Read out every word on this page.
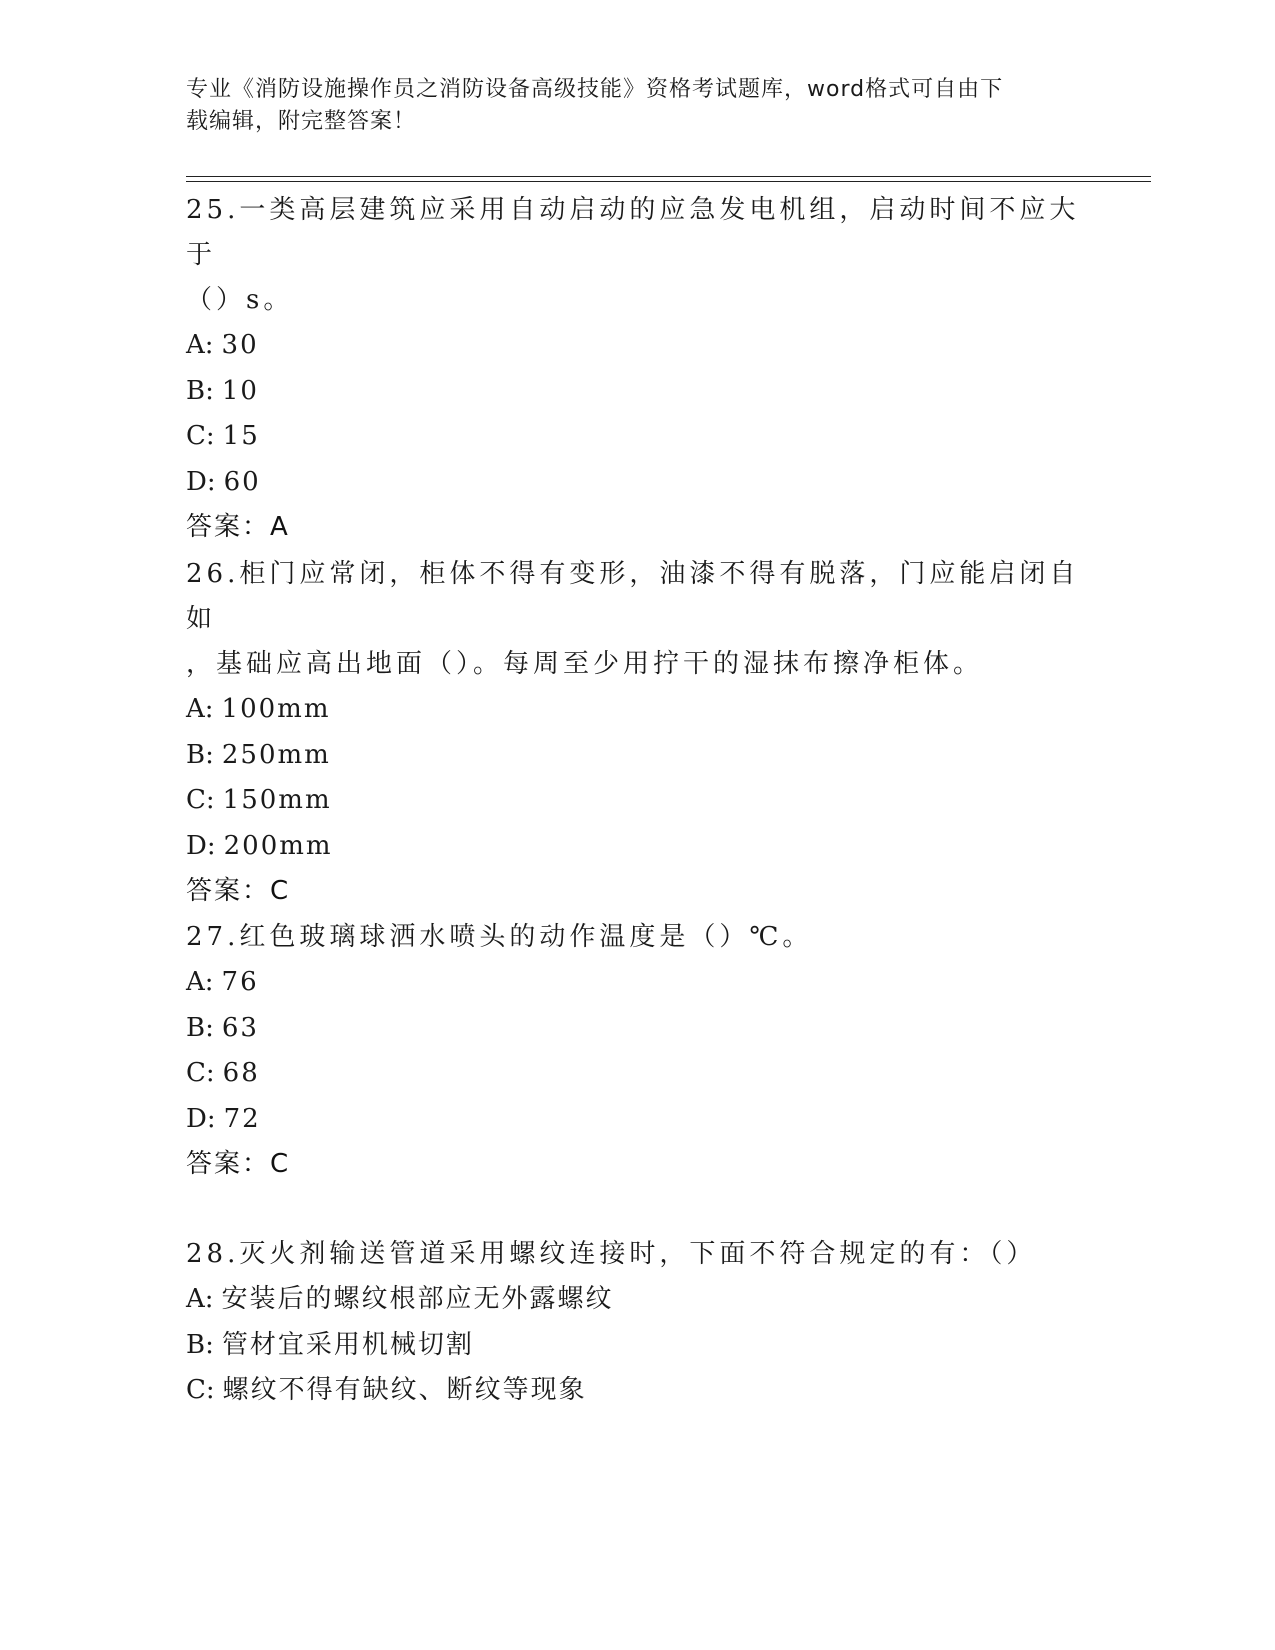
专业《消防设施操作员之消防设备高级技能》资格考试题库，word格式可自由下
载编辑，附完整答案！
25.一类高层建筑应采用自动启动的应急发电机组，启动时间不应大于
（）s。
A: 30
B: 10
C: 15
D: 60
答案：A
26.柜门应常闭，柜体不得有变形，油漆不得有脱落，门应能启闭自如
，基础应高出地面（）。每周至少用拧干的湿抹布擦净柜体。
A: 100mm
B: 250mm
C: 150mm
D: 200mm
答案：C
27.红色玻璃球洒水喷头的动作温度是（）℃。
A: 76
B: 63
C: 68
D: 72
答案：C
28.灭火剂输送管道采用螺纹连接时，下面不符合规定的有：（）
A: 安装后的螺纹根部应无外露螺纹
B: 管材宜采用机械切割
C: 螺纹不得有缺纹、断纹等现象
